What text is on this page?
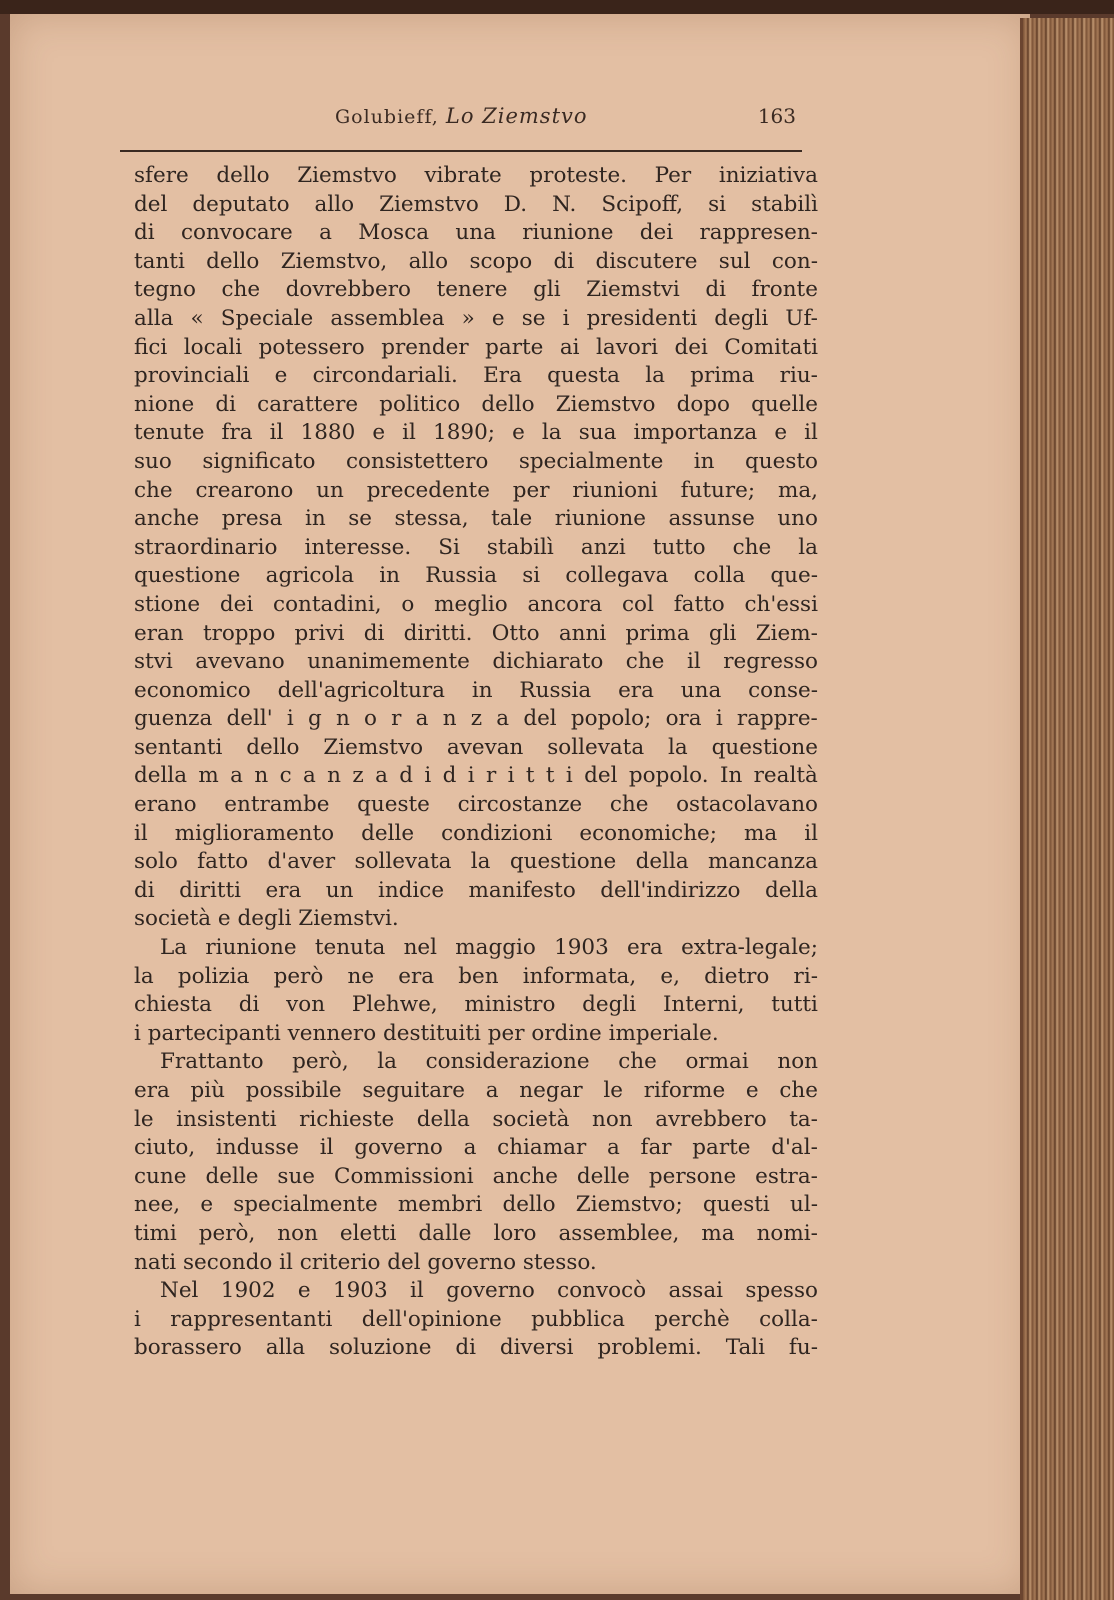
Golubieff, Lo Ziemstvo	163
sfere dello Ziemstvo vibrate proteste. Per iniziativa
del deputato allo Ziemstvo D. N. Scipoff, si stabilì
di convocare a Mosca una riunione dei rappresen-
tanti dello Ziemstvo, allo scopo di discutere sul con-
tegno che dovrebbero tenere gli Ziemstvi di fronte
alla « Speciale assemblea » e se i presidenti degli Uf-
fici locali potessero prender parte ai lavori dei Comitati
provinciali e circondariali. Era questa la prima riu-
nione di carattere politico dello Ziemstvo dopo quelle
tenute fra il 1880 e il 1890; e la sua importanza e il
suo significato consistettero specialmente in questo
che crearono un precedente per riunioni future; ma,
anche presa in se stessa, tale riunione assunse uno
straordinario interesse. Si stabilì anzi tutto che la
questione agricola in Russia si collegava colla que-
stione dei contadini, o meglio ancora col fatto ch'essi
eran troppo privi di diritti. Otto anni prima gli Ziem-
stvi avevano unanimemente dichiarato che il regresso
economico dell'agricoltura in Russia era una conse-
guenza dell' i g n o r a n z a del popolo; ora i rappre-
sentanti dello Ziemstvo avevan sollevata la questione
della m a n c a n z a d i d i r i t t i del popolo. In realtà
erano entrambe queste circostanze che ostacolavano
il miglioramento delle condizioni economiche; ma il
solo fatto d'aver sollevata la questione della mancanza
di diritti era un indice manifesto dell'indirizzo della
società e degli Ziemstvi.
La riunione tenuta nel maggio 1903 era extra-legale;
la polizia però ne era ben informata, e, dietro ri-
chiesta di von Plehwe, ministro degli Interni, tutti
i partecipanti vennero destituiti per ordine imperiale.
Frattanto però, la considerazione che ormai non
era più possibile seguitare a negar le riforme e che
le insistenti richieste della società non avrebbero ta-
ciuto, indusse il governo a chiamar a far parte d'al-
cune delle sue Commissioni anche delle persone estra-
nee, e specialmente membri dello Ziemstvo; questi ul-
timi però, non eletti dalle loro assemblee, ma nomi-
nati secondo il criterio del governo stesso.
Nel 1902 e 1903 il governo convocò assai spesso
i rappresentanti dell'opinione pubblica perchè colla-
borassero alla soluzione di diversi problemi. Tali fu-
